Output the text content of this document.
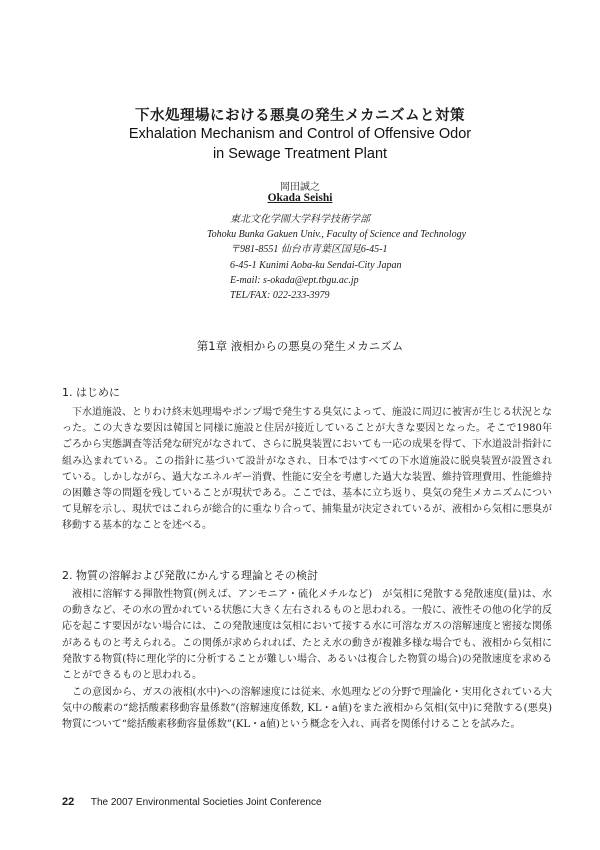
下水処理場における悪臭の発生メカニズムと対策
Exhalation Mechanism and Control of Offensive Odor
in Sewage Treatment Plant
岡田誠之
Okada Seishi
東北文化学園大学科学技術学部
Tohoku Bunka Gakuen Univ., Faculty of Science and Technology
〒981-8551 仙台市青葉区国見6-45-1
6-45-1 Kunimi Aoba-ku Sendai-City Japan
E-mail: s-okada@ept.tbgu.ac.jp
TEL/FAX: 022-233-3979
第1章 液相からの悪臭の発生メカニズム
1. はじめに
下水道施設、とりわけ終末処理場やポンプ場で発生する臭気によって、施設に周辺に被害が生じる状況となった。この大きな要因は韓国と同様に施設と住居が接近していることが大きな要因となった。そこで1980年ごろから実態調査等活発な研究がなされて、さらに脱臭装置においても一応の成果を得て、下水道設計指針に組み込まれている。この指針に基づいて設計がなされ、日本ではすべての下水道施設に脱臭装置が設置されている。しかしながら、過大なエネルギー消費、性能に安全を考慮した過大な装置、維持管理費用、性能維持の困難さ等の問題を残していることが現状である。ここでは、基本に立ち返り、臭気の発生メカニズムについて見解を示し、現状ではこれらが総合的に重なり合って、捕集量が決定されているが、液相から気相に悪臭が移動する基本的なことを述べる。
2. 物質の溶解および発散にかんする理論とその検討
液相に溶解する揮散性物質(例えば、アンモニア・硫化メチルなど)　が気相に発散する発散速度(量)は、水の動きなど、その水の置かれている状態に大きく左右されるものと思われる。一般に、液性その他の化学的反応を起こす要因がない場合には、この発散速度は気相において接する水に可溶なガスの溶解速度と密接な関係があるものと考えられる。この関係が求められれば、たとえ水の動きが複雑多様な場合でも、液相から気相に発散する物質(特に理化学的に分析することが難しい場合、あるいは複合した物質の場合)の発散速度を求めることができるものと思われる。
この意図から、ガスの液相(水中)への溶解速度には従来、水処理などの分野で理論化・実用化されている大気中の酸素の“総括酸素移動容量係数”(溶解速度係数, KL・a値)をまた液相から気相(気中)に発散する(悪臭)物質について“総括酸素移動容量係数”(KL・a値)という概念を入れ、両者を関係付けることを試みた。
22 The 2007 Environmental Societies Joint Conference
